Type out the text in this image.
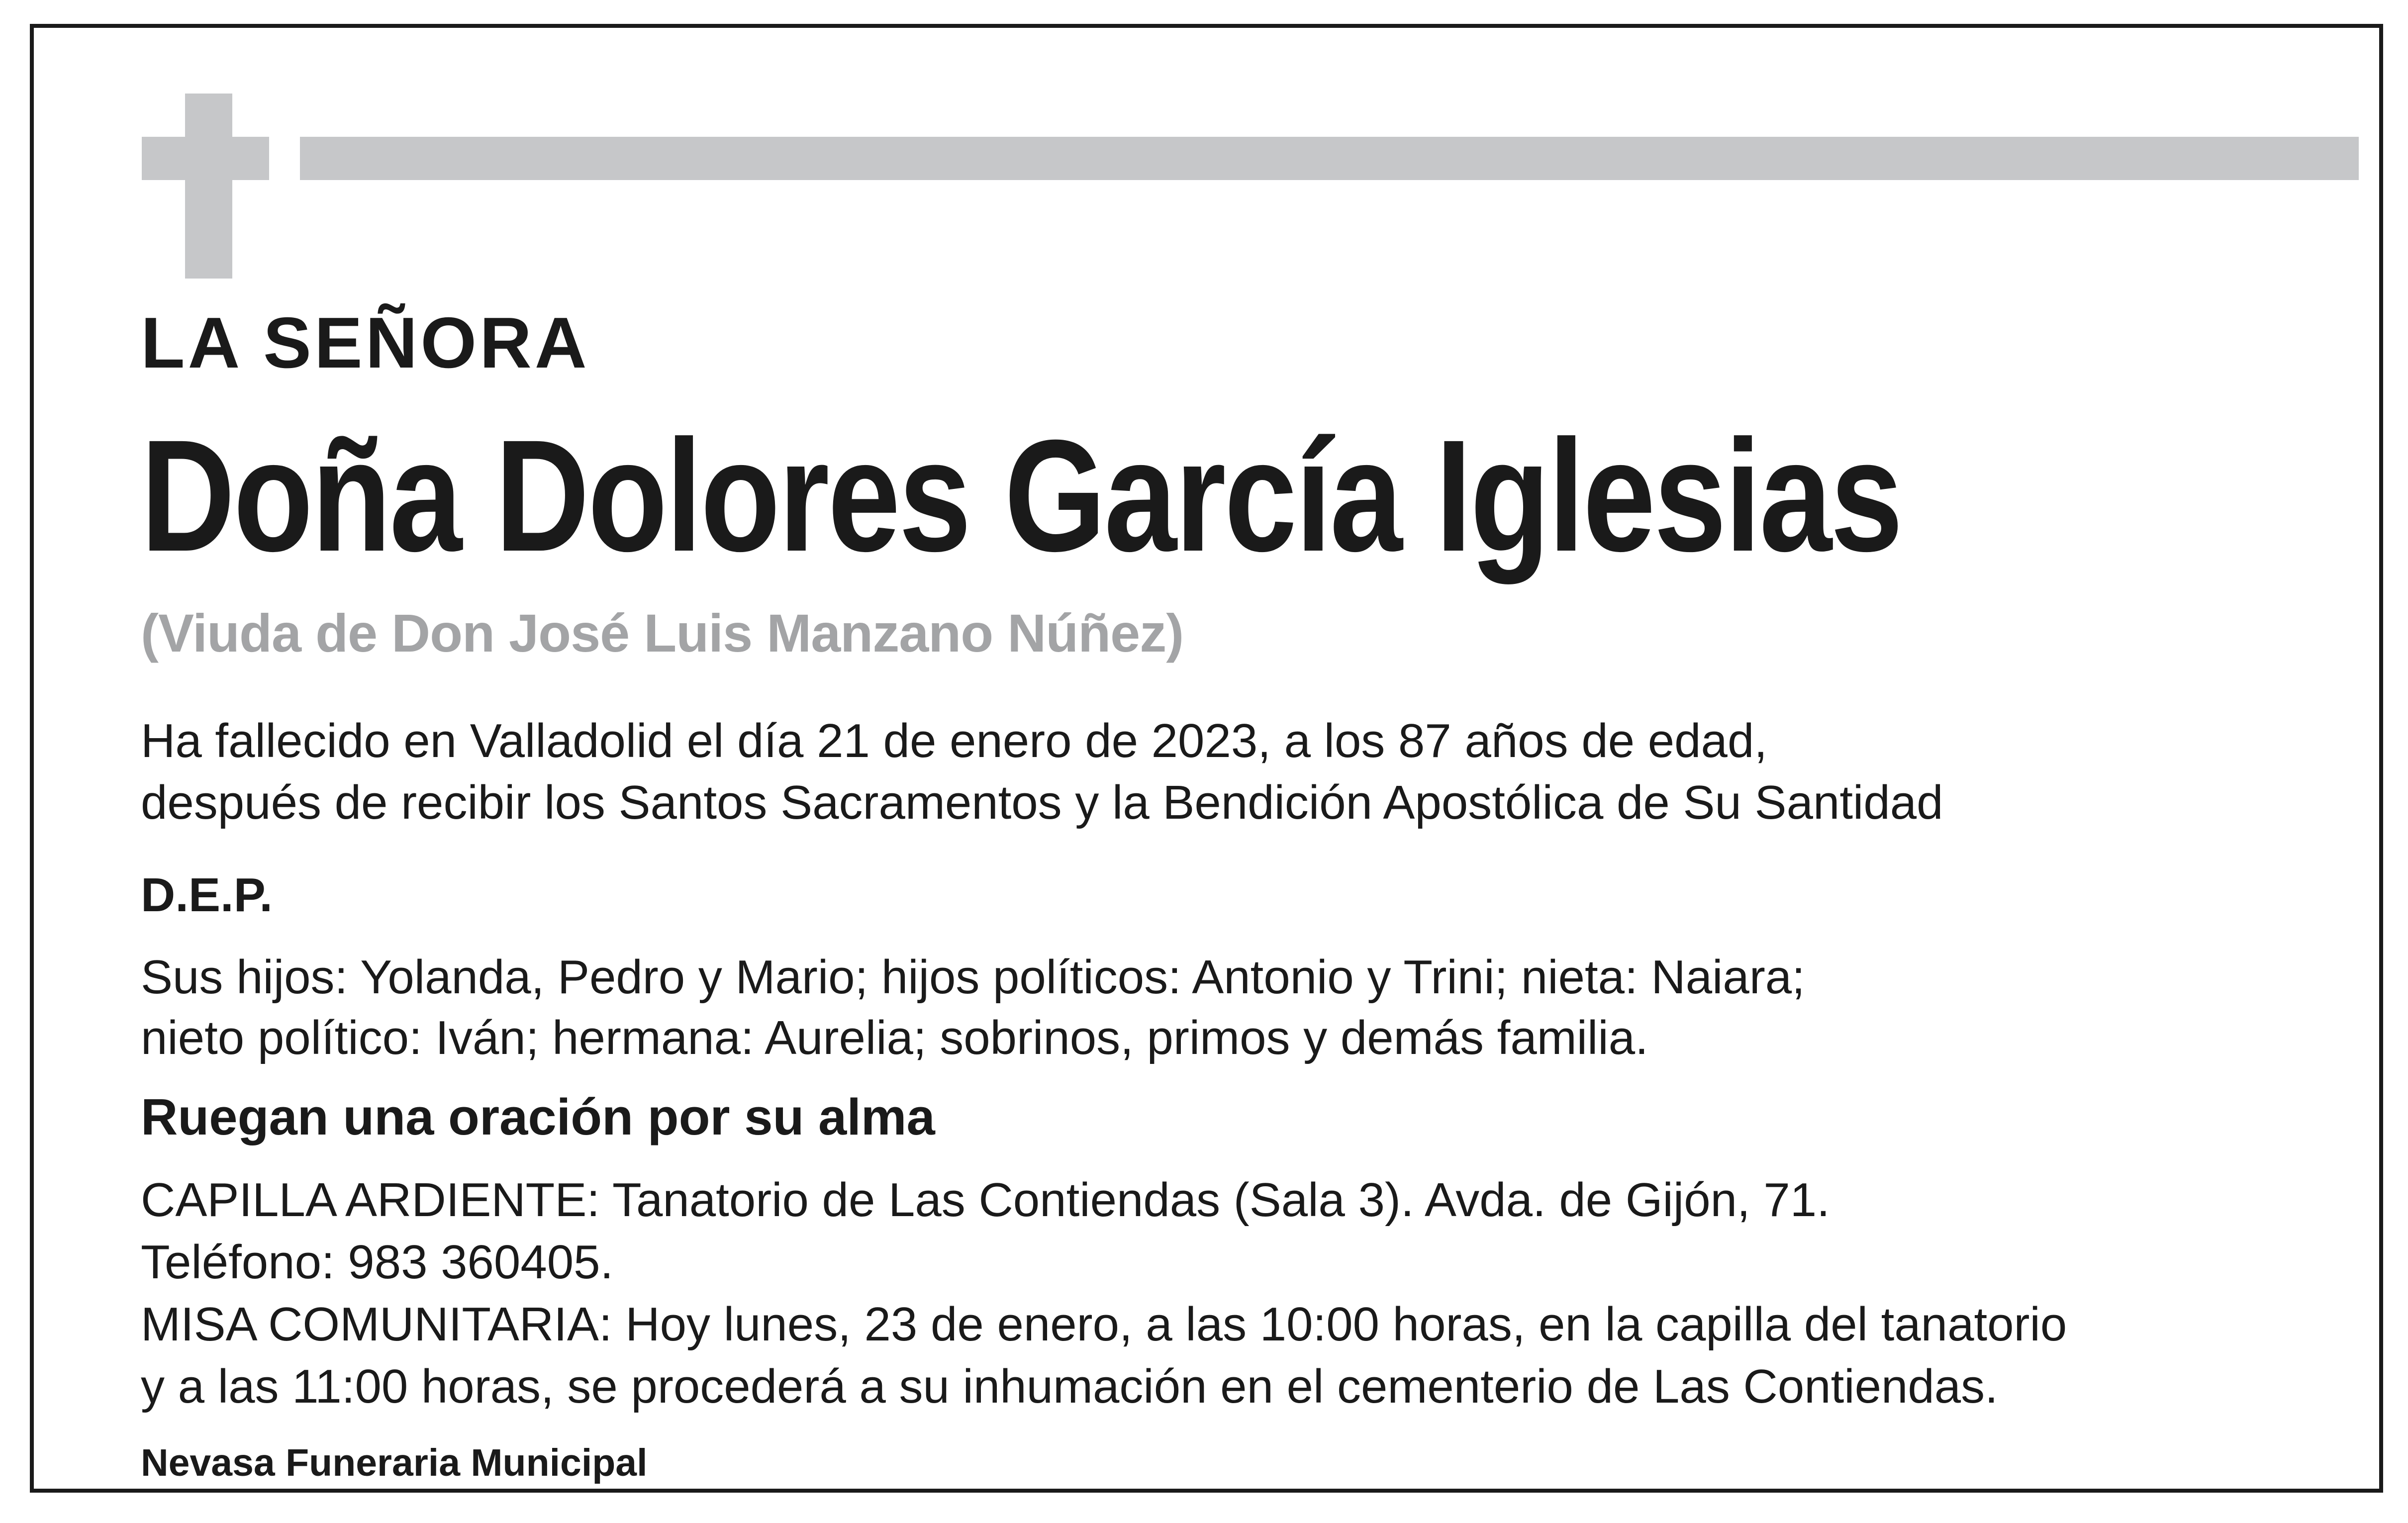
LA SEÑORA
Doña Dolores García Iglesias
(Viuda de Don José Luis Manzano Núñez)
Ha fallecido en Valladolid el día 21 de enero de 2023, a los 87 años de edad,
después de recibir los Santos Sacramentos y la Bendición Apostólica de Su Santidad
D.E.P.
Sus hijos: Yolanda, Pedro y Mario; hijos políticos: Antonio y Trini; nieta: Naiara;
nieto político: Iván; hermana: Aurelia; sobrinos, primos y demás familia.
Ruegan una oración por su alma
CAPILLA ARDIENTE: Tanatorio de Las Contiendas (Sala 3). Avda. de Gijón, 71.
Teléfono: 983 360405.
MISA COMUNITARIA: Hoy lunes, 23 de enero, a las 10:00 horas, en la capilla del tanatorio
y a las 11:00 horas, se procederá a su inhumación en el cementerio de Las Contiendas.
Nevasa Funeraria Municipal
